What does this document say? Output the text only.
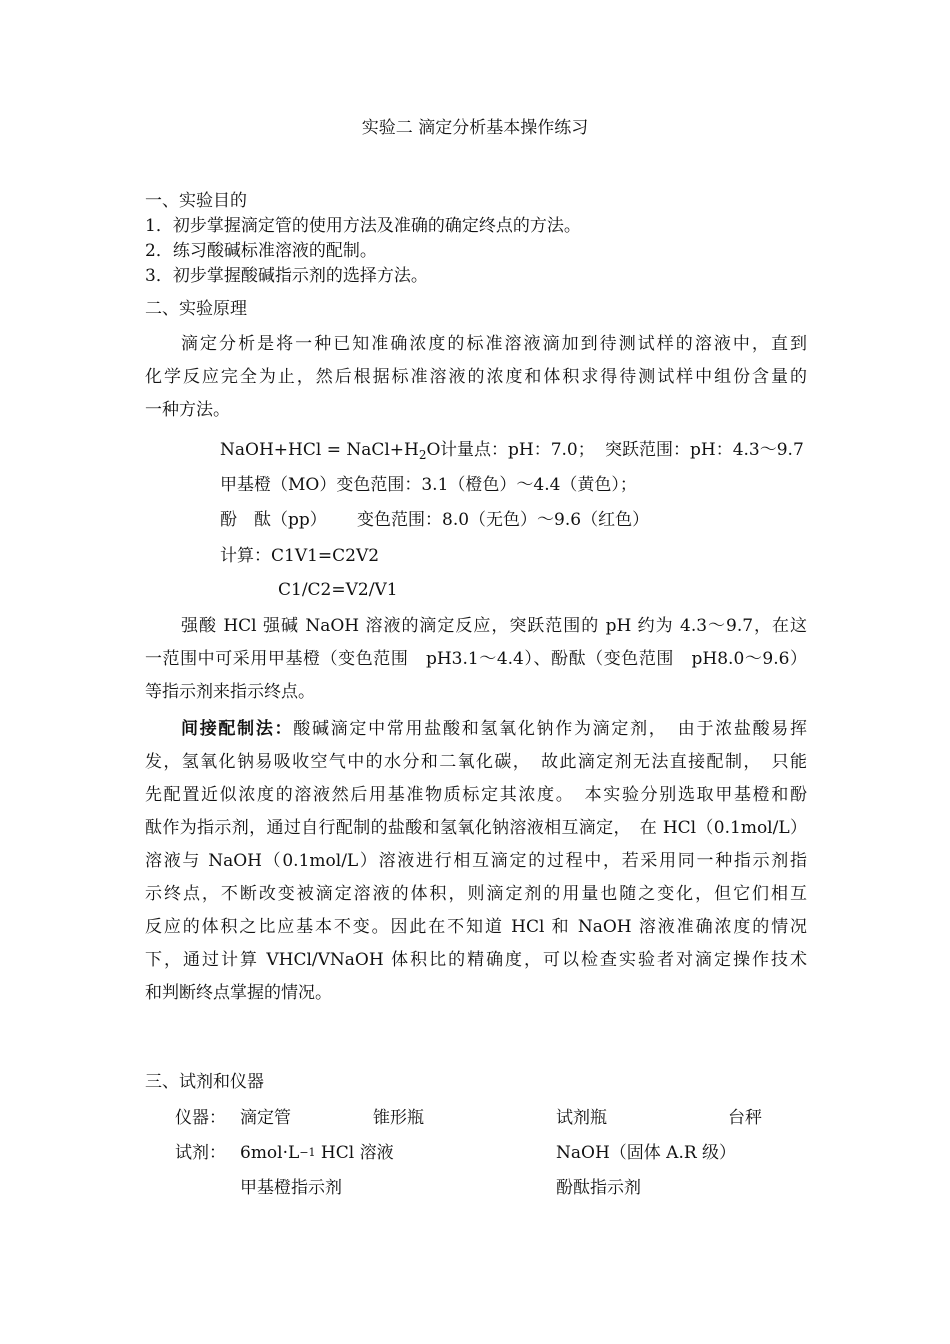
实验二 滴定分析基本操作练习
一、实验目的
1．初步掌握滴定管的使用方法及准确的确定终点的方法。
2．练习酸碱标准溶液的配制。
3．初步掌握酸碱指示剂的选择方法。
二、实验原理
滴定分析是将一种已知准确浓度的标准溶液滴加到待测试样的溶液中，直到
化学反应完全为止，然后根据标准溶液的浓度和体积求得待测试样中组份含量的
一种方法。
NaOH+HCl = $NaCl+H_2O$ 计量点：pH：7.0； 突跃范围：pH：4.3～9.7
甲基橙（MO）变色范围：3.1（橙色）～4.4（黄色）；
酚　酞（pp） 变色范围：8.0（无色）～9.6（红色）
计算：C1V1=C2V2
C1/C2=V2/V1
强酸 HCl 强碱 NaOH 溶液的滴定反应，突跃范围的 pH 约为 4.3～9.7，在这
一范围中可采用甲基橙（变色范围　pH3.1～4.4）、酚酞（变色范围　pH8.0～9.6）
等指示剂来指示终点。
间接配制法：酸碱滴定中常用盐酸和氢氧化钠作为滴定剂，　由于浓盐酸易挥
发，氢氧化钠易吸收空气中的水分和二氧化碳，　故此滴定剂无法直接配制，　只能
先配置近似浓度的溶液然后用基准物质标定其浓度。　本实验分别选取甲基橙和酚
酞作为指示剂，通过自行配制的盐酸和氢氧化钠溶液相互滴定，　在 HCl（0.1mol/L）
溶液与 NaOH（0.1mol/L）溶液进行相互滴定的过程中，若采用同一种指示剂指
示终点，不断改变被滴定溶液的体积，则滴定剂的用量也随之变化，但它们相互
反应的体积之比应基本不变。因此在不知道 HCl 和 NaOH 溶液准确浓度的情况
下，通过计算 VHCl/VNaOH 体积比的精确度，可以检查实验者对滴定操作技术
和判断终点掌握的情况。
三、试剂和仪器
仪器： 滴定管	锥形瓶	试剂瓶	台秤
试剂： $6mol\cdot L^{-1}$ HCl 溶液	NaOH（固体 A.R 级）
甲基橙指示剂	酚酞指示剂
